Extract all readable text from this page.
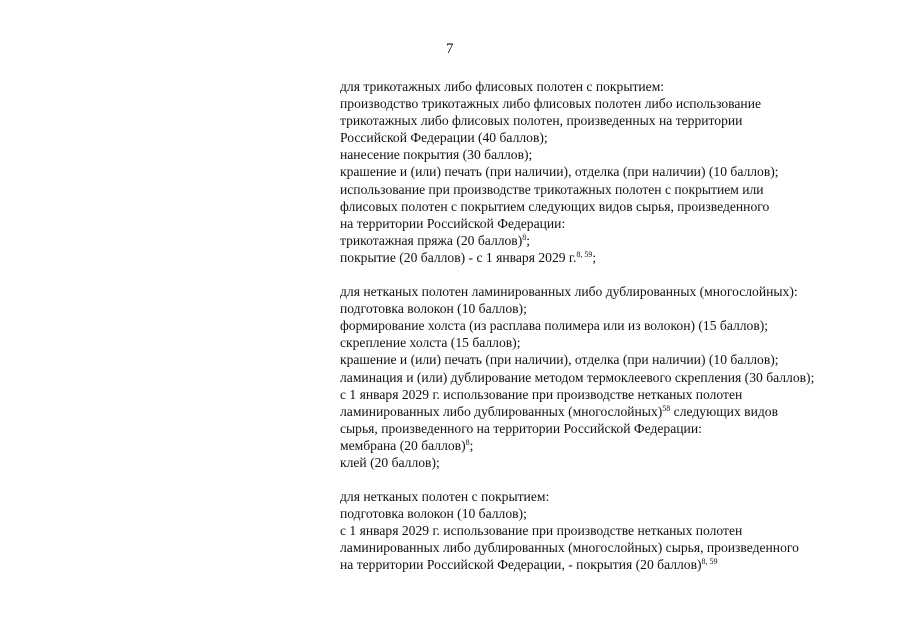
7
для трикотажных либо флисовых полотен с покрытием:
производство трикотажных либо флисовых полотен либо использование
трикотажных либо флисовых полотен, произведенных на территории
Российской Федерации (40 баллов);
нанесение покрытия (30 баллов);
крашение и (или) печать (при наличии), отделка (при наличии) (10 баллов);
использование при производстве трикотажных полотен с покрытием или
флисовых полотен с покрытием следующих видов сырья, произведенного
на территории Российской Федерации:
трикотажная пряжа (20 баллов)$^8$;
покрытие (20 баллов) - с 1 января 2029 г.$^{8, 59}$;
для нетканых полотен ламинированных либо дублированных (многослойных):
подготовка волокон (10 баллов);
формирование холста (из расплава полимера или из волокон) (15 баллов);
скрепление холста (15 баллов);
крашение и (или) печать (при наличии), отделка (при наличии) (10 баллов);
ламинация и (или) дублирование методом термоклеевого скрепления (30 баллов);
с 1 января 2029 г. использование при производстве нетканых полотен
ламинированных либо дублированных (многослойных)$^{58}$ следующих видов
сырья, произведенного на территории Российской Федерации:
мембрана (20 баллов)$^8$;
клей (20 баллов);
для нетканых полотен с покрытием:
подготовка волокон (10 баллов);
с 1 января 2029 г. использование при производстве нетканых полотен
ламинированных либо дублированных (многослойных) сырья, произведенного
на территории Российской Федерации, - покрытия (20 баллов)$^{8, 59}$
